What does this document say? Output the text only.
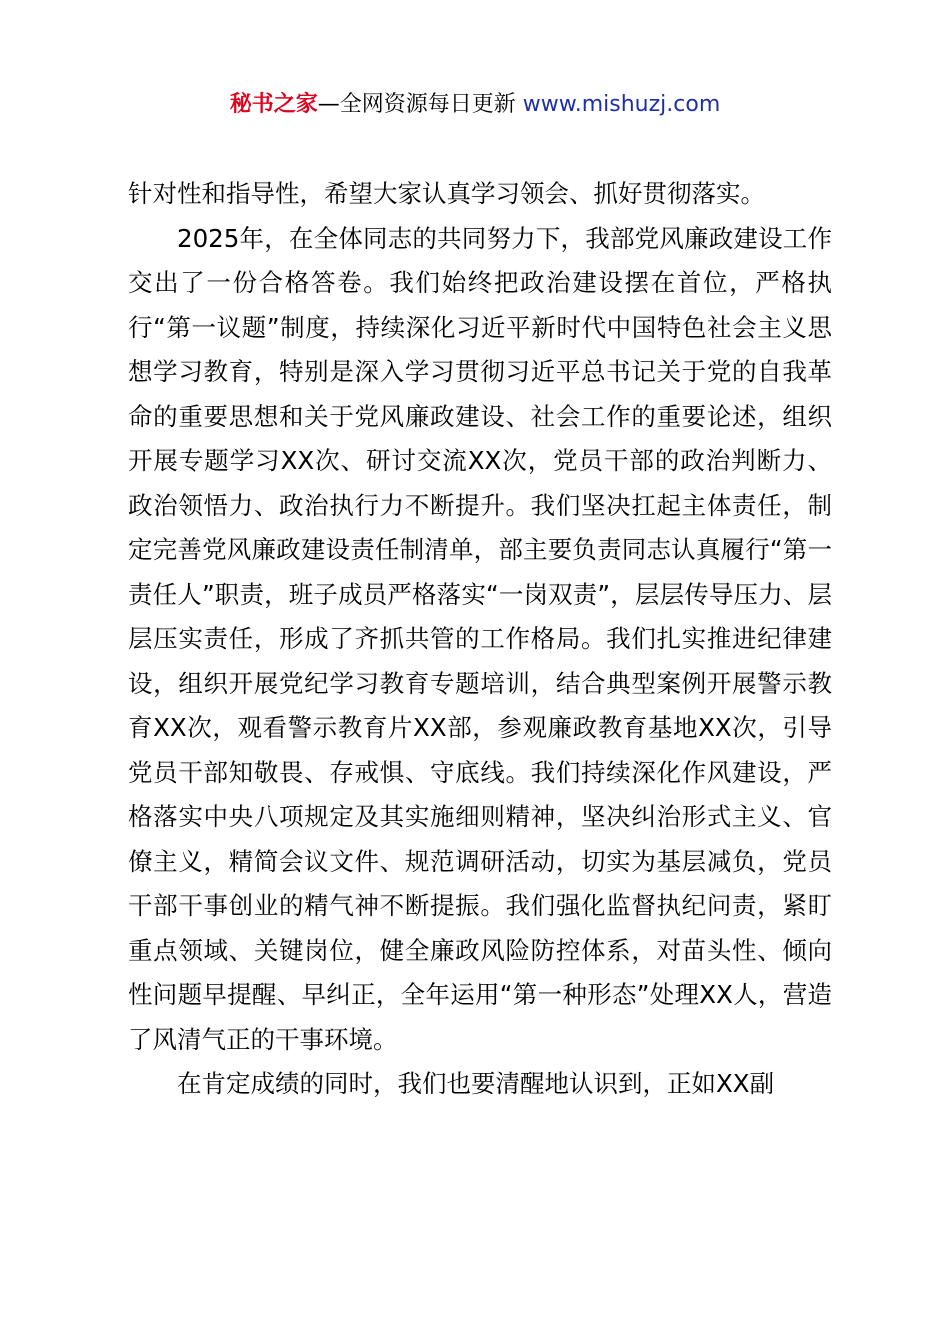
秘书之家—全网资源每日更新 www.mishuzj.com

针对性和指导性，希望大家认真学习领会、抓好贯彻落实。

2025年，在全体同志的共同努力下，我部党风廉政建设工作交出了一份合格答卷。我们始终把政治建设摆在首位，严格执行“第一议题”制度，持续深化习近平新时代中国特色社会主义思想学习教育，特别是深入学习贯彻习近平总书记关于党的自我革命的重要思想和关于党风廉政建设、社会工作的重要论述，组织开展专题学习XX次、研讨交流XX次，党员干部的政治判断力、政治领悟力、政治执行力不断提升。我们坚决扛起主体责任，制定完善党风廉政建设责任制清单，部主要负责同志认真履行“第一责任人”职责，班子成员严格落实“一岗双责”，层层传导压力、层层压实责任，形成了齐抓共管的工作格局。我们扎实推进纪律建设，组织开展党纪学习教育专题培训，结合典型案例开展警示教育XX次，观看警示教育片XX部，参观廉政教育基地XX次，引导党员干部知敬畏、存戒惧、守底线。我们持续深化作风建设，严格落实中央八项规定及其实施细则精神，坚决纠治形式主义、官僚主义，精简会议文件、规范调研活动，切实为基层减负，党员干部干事创业的精气神不断提振。我们强化监督执纪问责，紧盯重点领域、关键岗位，健全廉政风险防控体系，对苗头性、倾向性问题早提醒、早纠正，全年运用“第一种形态”处理XX人，营造了风清气正的干事环境。

在肯定成绩的同时，我们也要清醒地认识到，正如XX副
